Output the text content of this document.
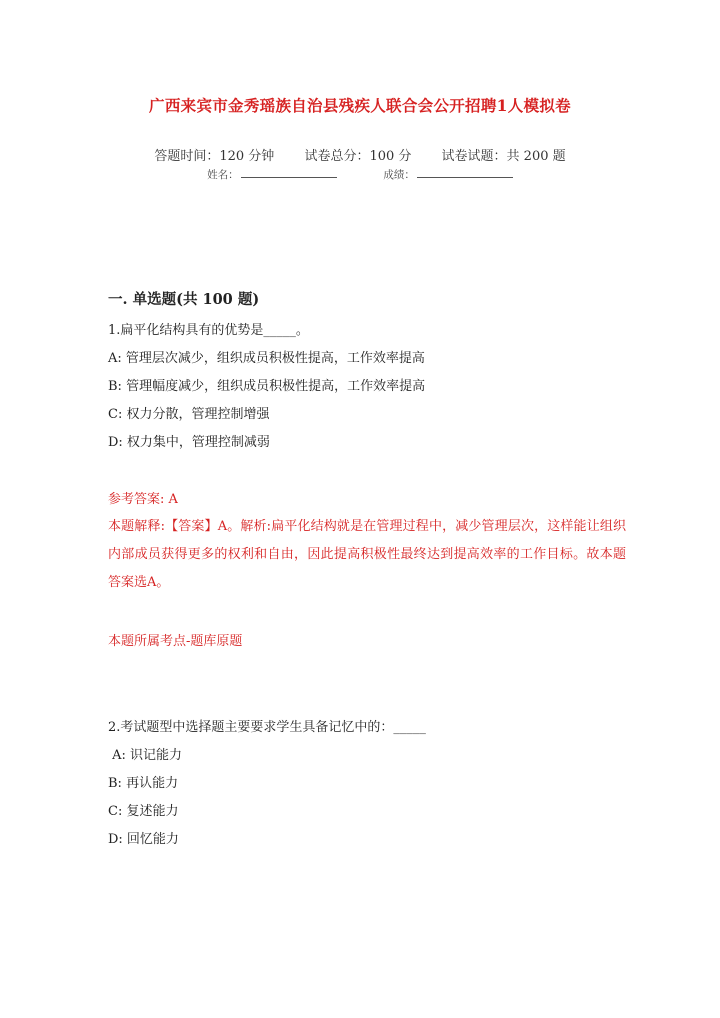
广西来宾市金秀瑶族自治县残疾人联合会公开招聘1人模拟卷
答题时间：120 分钟 试卷总分：100 分 试卷试题：共 200 题
姓名：	成绩：
一. 单选题(共 100 题)
1.扁平化结构具有的优势是_____。
A: 管理层次减少，组织成员积极性提高，工作效率提高
B: 管理幅度减少，组织成员积极性提高，工作效率提高
C: 权力分散，管理控制增强
D: 权力集中，管理控制减弱
参考答案: A
本题解释:【答案】A。解析:扁平化结构就是在管理过程中，减少管理层次，这样能让组织内部成员获得更多的权利和自由，因此提高积极性最终达到提高效率的工作目标。故本题答案选A。
本题所属考点-题库原题
2.考试题型中选择题主要要求学生具备记忆中的：_____
A: 识记能力
B: 再认能力
C: 复述能力
D: 回忆能力
